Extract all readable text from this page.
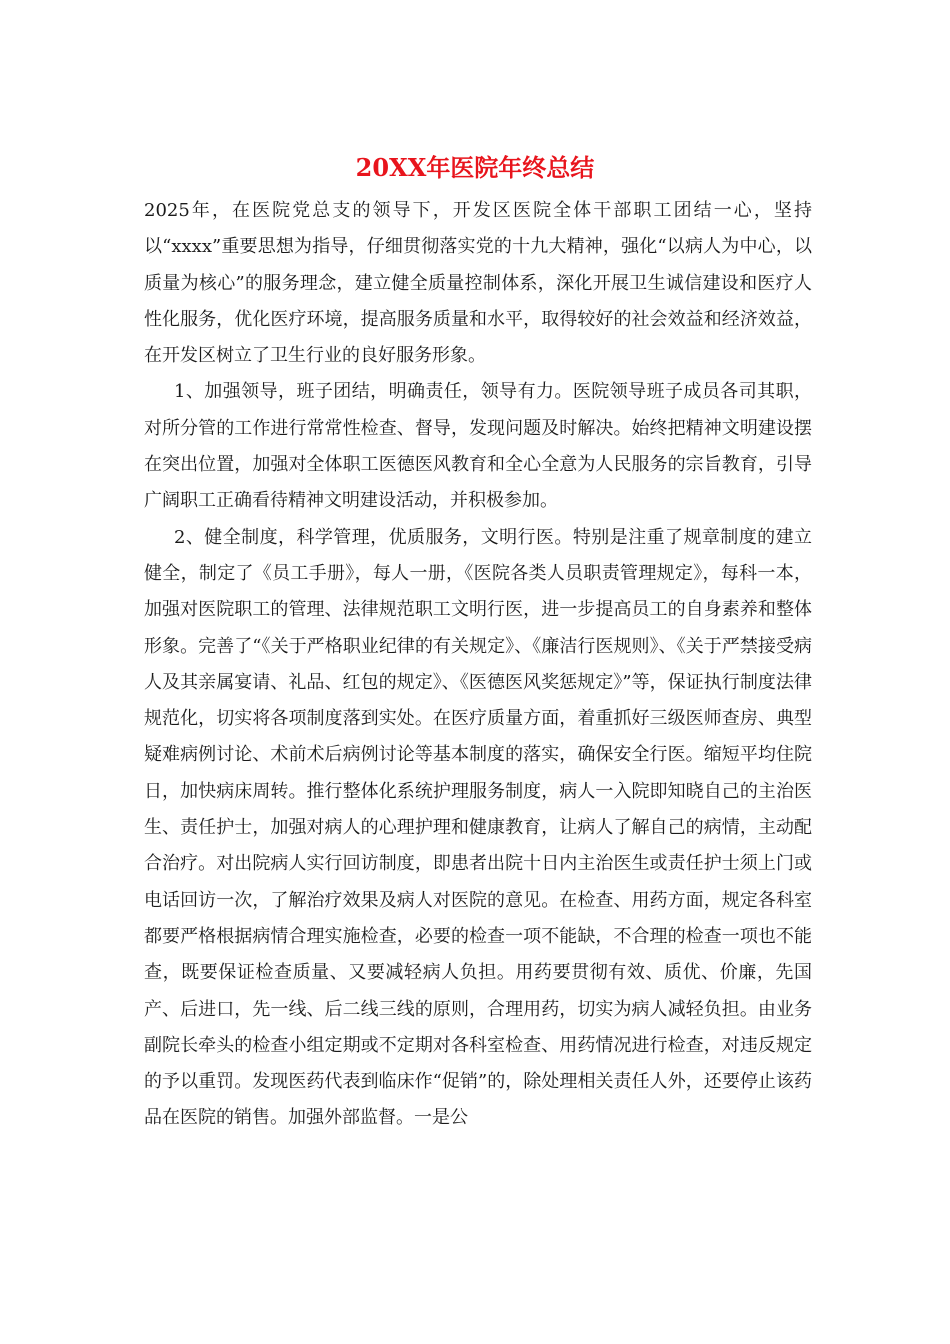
20XX年医院年终总结

2025年，在医院党总支的领导下，开发区医院全体干部职工团结一心，坚持以“xxxx”重要思想为指导，仔细贯彻落实党的十九大精神，强化“以病人为中心，以质量为核心”的服务理念，建立健全质量控制体系，深化开展卫生诚信建设和医疗人性化服务，优化医疗环境，提高服务质量和水平，取得较好的社会效益和经济效益，在开发区树立了卫生行业的良好服务形象。

1、加强领导，班子团结，明确责任，领导有力。医院领导班子成员各司其职，对所分管的工作进行常常性检查、督导，发现问题及时解决。始终把精神文明建设摆在突出位置，加强对全体职工医德医风教育和全心全意为人民服务的宗旨教育，引导广阔职工正确看待精神文明建设活动，并积极参加。

2、健全制度，科学管理，优质服务，文明行医。特别是注重了规章制度的建立健全，制定了《员工手册》，每人一册，《医院各类人员职责管理规定》，每科一本，加强对医院职工的管理、法律规范职工文明行医，进一步提高员工的自身素养和整体形象。完善了“《关于严格职业纪律的有关规定》、《廉洁行医规则》、《关于严禁接受病人及其亲属宴请、礼品、红包的规定》、《医德医风奖惩规定》”等，保证执行制度法律规范化，切实将各项制度落到实处。在医疗质量方面，着重抓好三级医师查房、典型疑难病例讨论、术前术后病例讨论等基本制度的落实，确保安全行医。缩短平均住院日，加快病床周转。推行整体化系统护理服务制度，病人一入院即知晓自己的主治医生、责任护士，加强对病人的心理护理和健康教育，让病人了解自己的病情，主动配合治疗。对出院病人实行回访制度，即患者出院十日内主治医生或责任护士须上门或电话回访一次，了解治疗效果及病人对医院的意见。在检查、用药方面，规定各科室都要严格根据病情合理实施检查，必要的检查一项不能缺，不合理的检查一项也不能查，既要保证检查质量、又要减轻病人负担。用药要贯彻有效、质优、价廉，先国产、后进口，先一线、后二线三线的原则，合理用药，切实为病人减轻负担。由业务副院长牵头的检查小组定期或不定期对各科室检查、用药情况进行检查，对违反规定的予以重罚。发现医药代表到临床作“促销”的，除处理相关责任人外，还要停止该药品在医院的销售。加强外部监督。一是公
